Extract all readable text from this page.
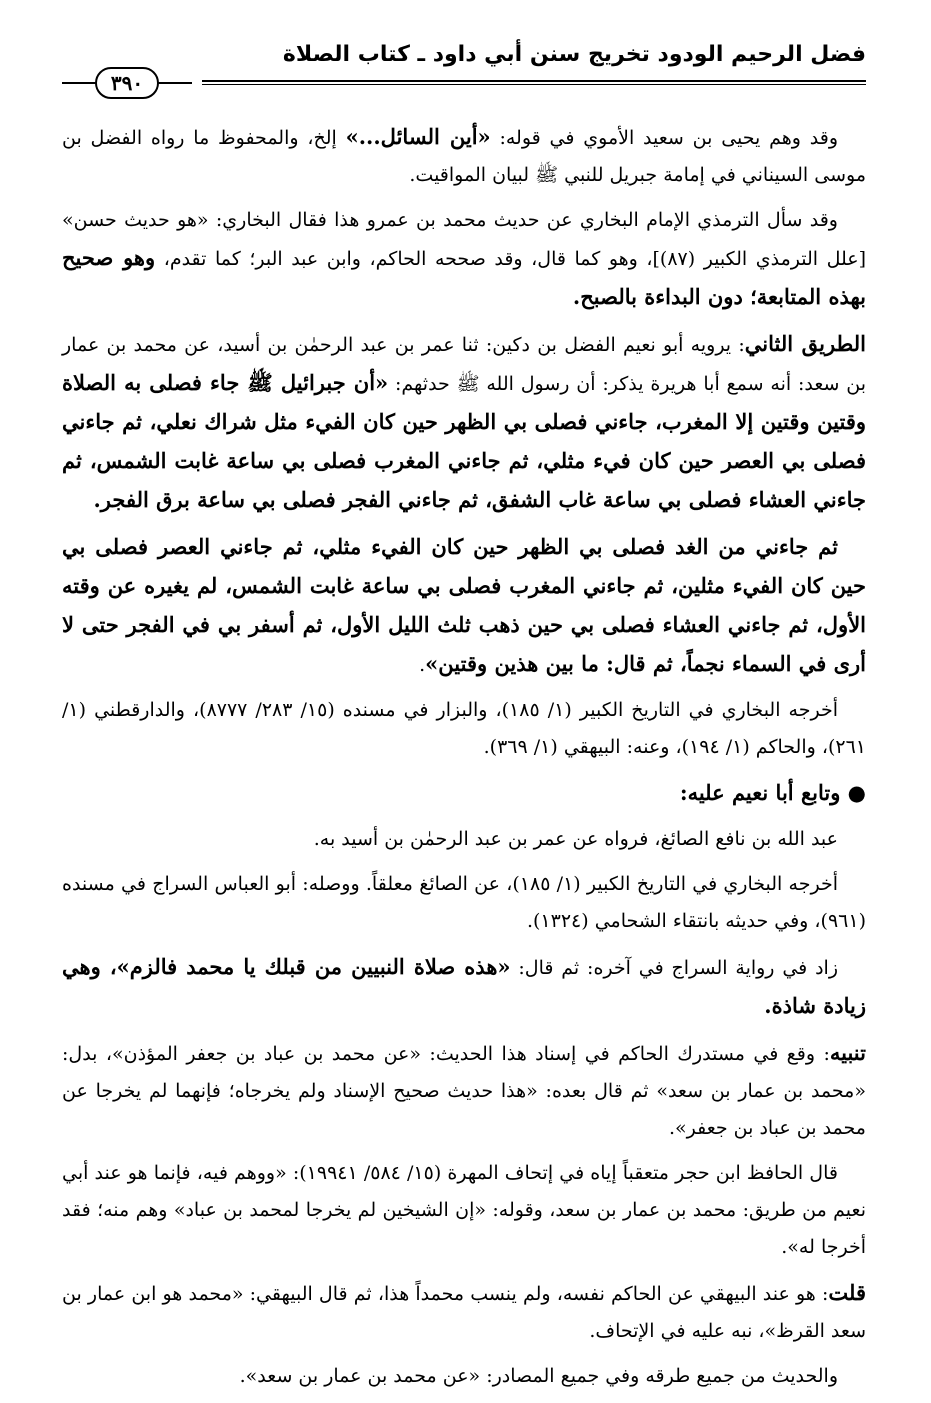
فضل الرحيم الودود تخريج سنن أبي داود ـ كتاب الصلاة
٣٩٠

وقد وهم يحيى بن سعيد الأموي في قوله: «أين السائل...» إلخ، والمحفوظ ما رواه الفضل بن موسى السيناني في إمامة جبريل للنبي ﷺ لبيان المواقيت.

وقد سأل الترمذي الإمام البخاري عن حديث محمد بن عمرو هذا فقال البخاري: «هو حديث حسن» [علل الترمذي الكبير (٨٧)]، وهو كما قال، وقد صححه الحاكم، وابن عبد البر؛ كما تقدم، وهو صحيح بهذه المتابعة؛ دون البداءة بالصبح.

الطريق الثاني: يرويه أبو نعيم الفضل بن دكين: ثنا عمر بن عبد الرحمٰن بن أسيد، عن محمد بن عمار بن سعد: أنه سمع أبا هريرة يذكر: أن رسول الله ﷺ حدثهم: «أن جبرائيل ﷺ جاء فصلى به الصلاة وقتين وقتين إلا المغرب، جاءني فصلى بي الظهر حين كان الفيء مثل شراك نعلي، ثم جاءني فصلى بي العصر حين كان فيء مثلي، ثم جاءني المغرب فصلى بي ساعة غابت الشمس، ثم جاءني العشاء فصلى بي ساعة غاب الشفق، ثم جاءني الفجر فصلى بي ساعة برق الفجر.

ثم جاءني من الغد فصلى بي الظهر حين كان الفيء مثلي، ثم جاءني العصر فصلى بي حين كان الفيء مثلين، ثم جاءني المغرب فصلى بي ساعة غابت الشمس، لم يغيره عن وقته الأول، ثم جاءني العشاء فصلى بي حين ذهب ثلث الليل الأول، ثم أسفر بي في الفجر حتى لا أرى في السماء نجماً، ثم قال: ما بين هذين وقتين».

أخرجه البخاري في التاريخ الكبير (١/ ١٨٥)، والبزار في مسنده (١٥/ ٢٨٣/ ٨٧٧٧)، والدارقطني (١/ ٢٦١)، والحاكم (١/ ١٩٤)، وعنه: البيهقي (١/ ٣٦٩).

● وتابع أبا نعيم عليه:

عبد الله بن نافع الصائغ، فرواه عن عمر بن عبد الرحمٰن بن أسيد به.

أخرجه البخاري في التاريخ الكبير (١/ ١٨٥)، عن الصائغ معلقاً. ووصله: أبو العباس السراج في مسنده (٩٦١)، وفي حديثه بانتقاء الشحامي (١٣٢٤).

زاد في رواية السراج في آخره: ثم قال: «هذه صلاة النبيين من قبلك يا محمد فالزم»، وهي زيادة شاذة.

تنبيه: وقع في مستدرك الحاكم في إسناد هذا الحديث: «عن محمد بن عباد بن جعفر المؤذن»، بدل: «محمد بن عمار بن سعد» ثم قال بعده: «هذا حديث صحيح الإسناد ولم يخرجاه؛ فإنهما لم يخرجا عن محمد بن عباد بن جعفر».

قال الحافظ ابن حجر متعقباً إياه في إتحاف المهرة (١٥/ ٥٨٤/ ١٩٩٤١): «ووهم فيه، فإنما هو عند أبي نعيم من طريق: محمد بن عمار بن سعد، وقوله: «إن الشيخين لم يخرجا لمحمد بن عباد» وهم منه؛ فقد أخرجا له».

قلت: هو عند البيهقي عن الحاكم نفسه، ولم ينسب محمداً هذا، ثم قال البيهقي: «محمد هو ابن عمار بن سعد القرظ»، نبه عليه في الإتحاف.

والحديث من جميع طرقه وفي جميع المصادر: «عن محمد بن عمار بن سعد».
